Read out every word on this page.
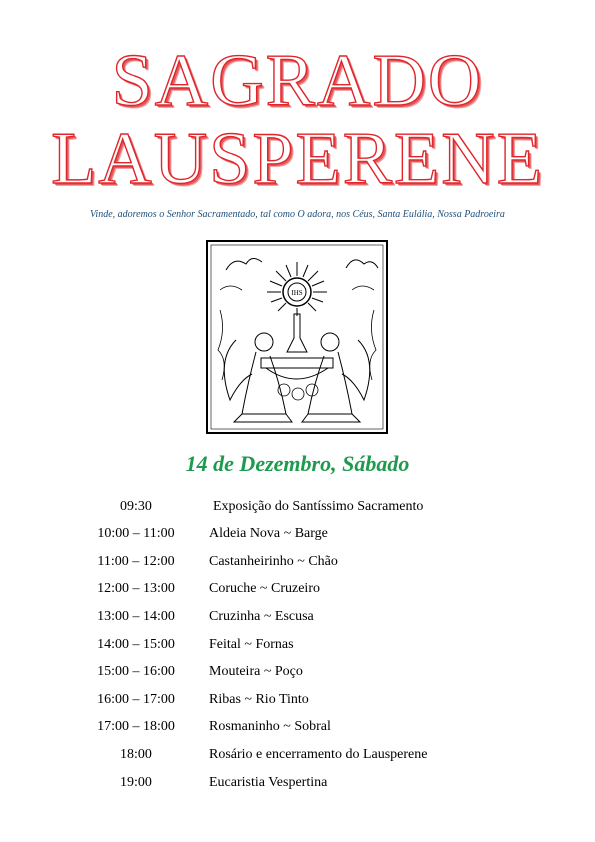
SAGRADO
LAUSPERENE
Vinde, adoremos o Senhor Sacramentado, tal como O adora, nos Céus, Santa Eulália, Nossa Padroeira
IHS
14 de Dezembro, Sábado
09:30	Exposição do Santíssimo Sacramento
10:00 – 11:00	Aldeia Nova ~ Barge
11:00 – 12:00	Castanheirinho ~ Chão
12:00 – 13:00	Coruche ~ Cruzeiro
13:00 – 14:00	Cruzinha ~ Escusa
14:00 – 15:00	Feital ~ Fornas
15:00 – 16:00	Mouteira ~ Poço
16:00 – 17:00	Ribas ~ Rio Tinto
17:00 – 18:00	Rosmaninho ~ Sobral
18:00	Rosário e encerramento do Lausperene
19:00	Eucaristia Vespertina
